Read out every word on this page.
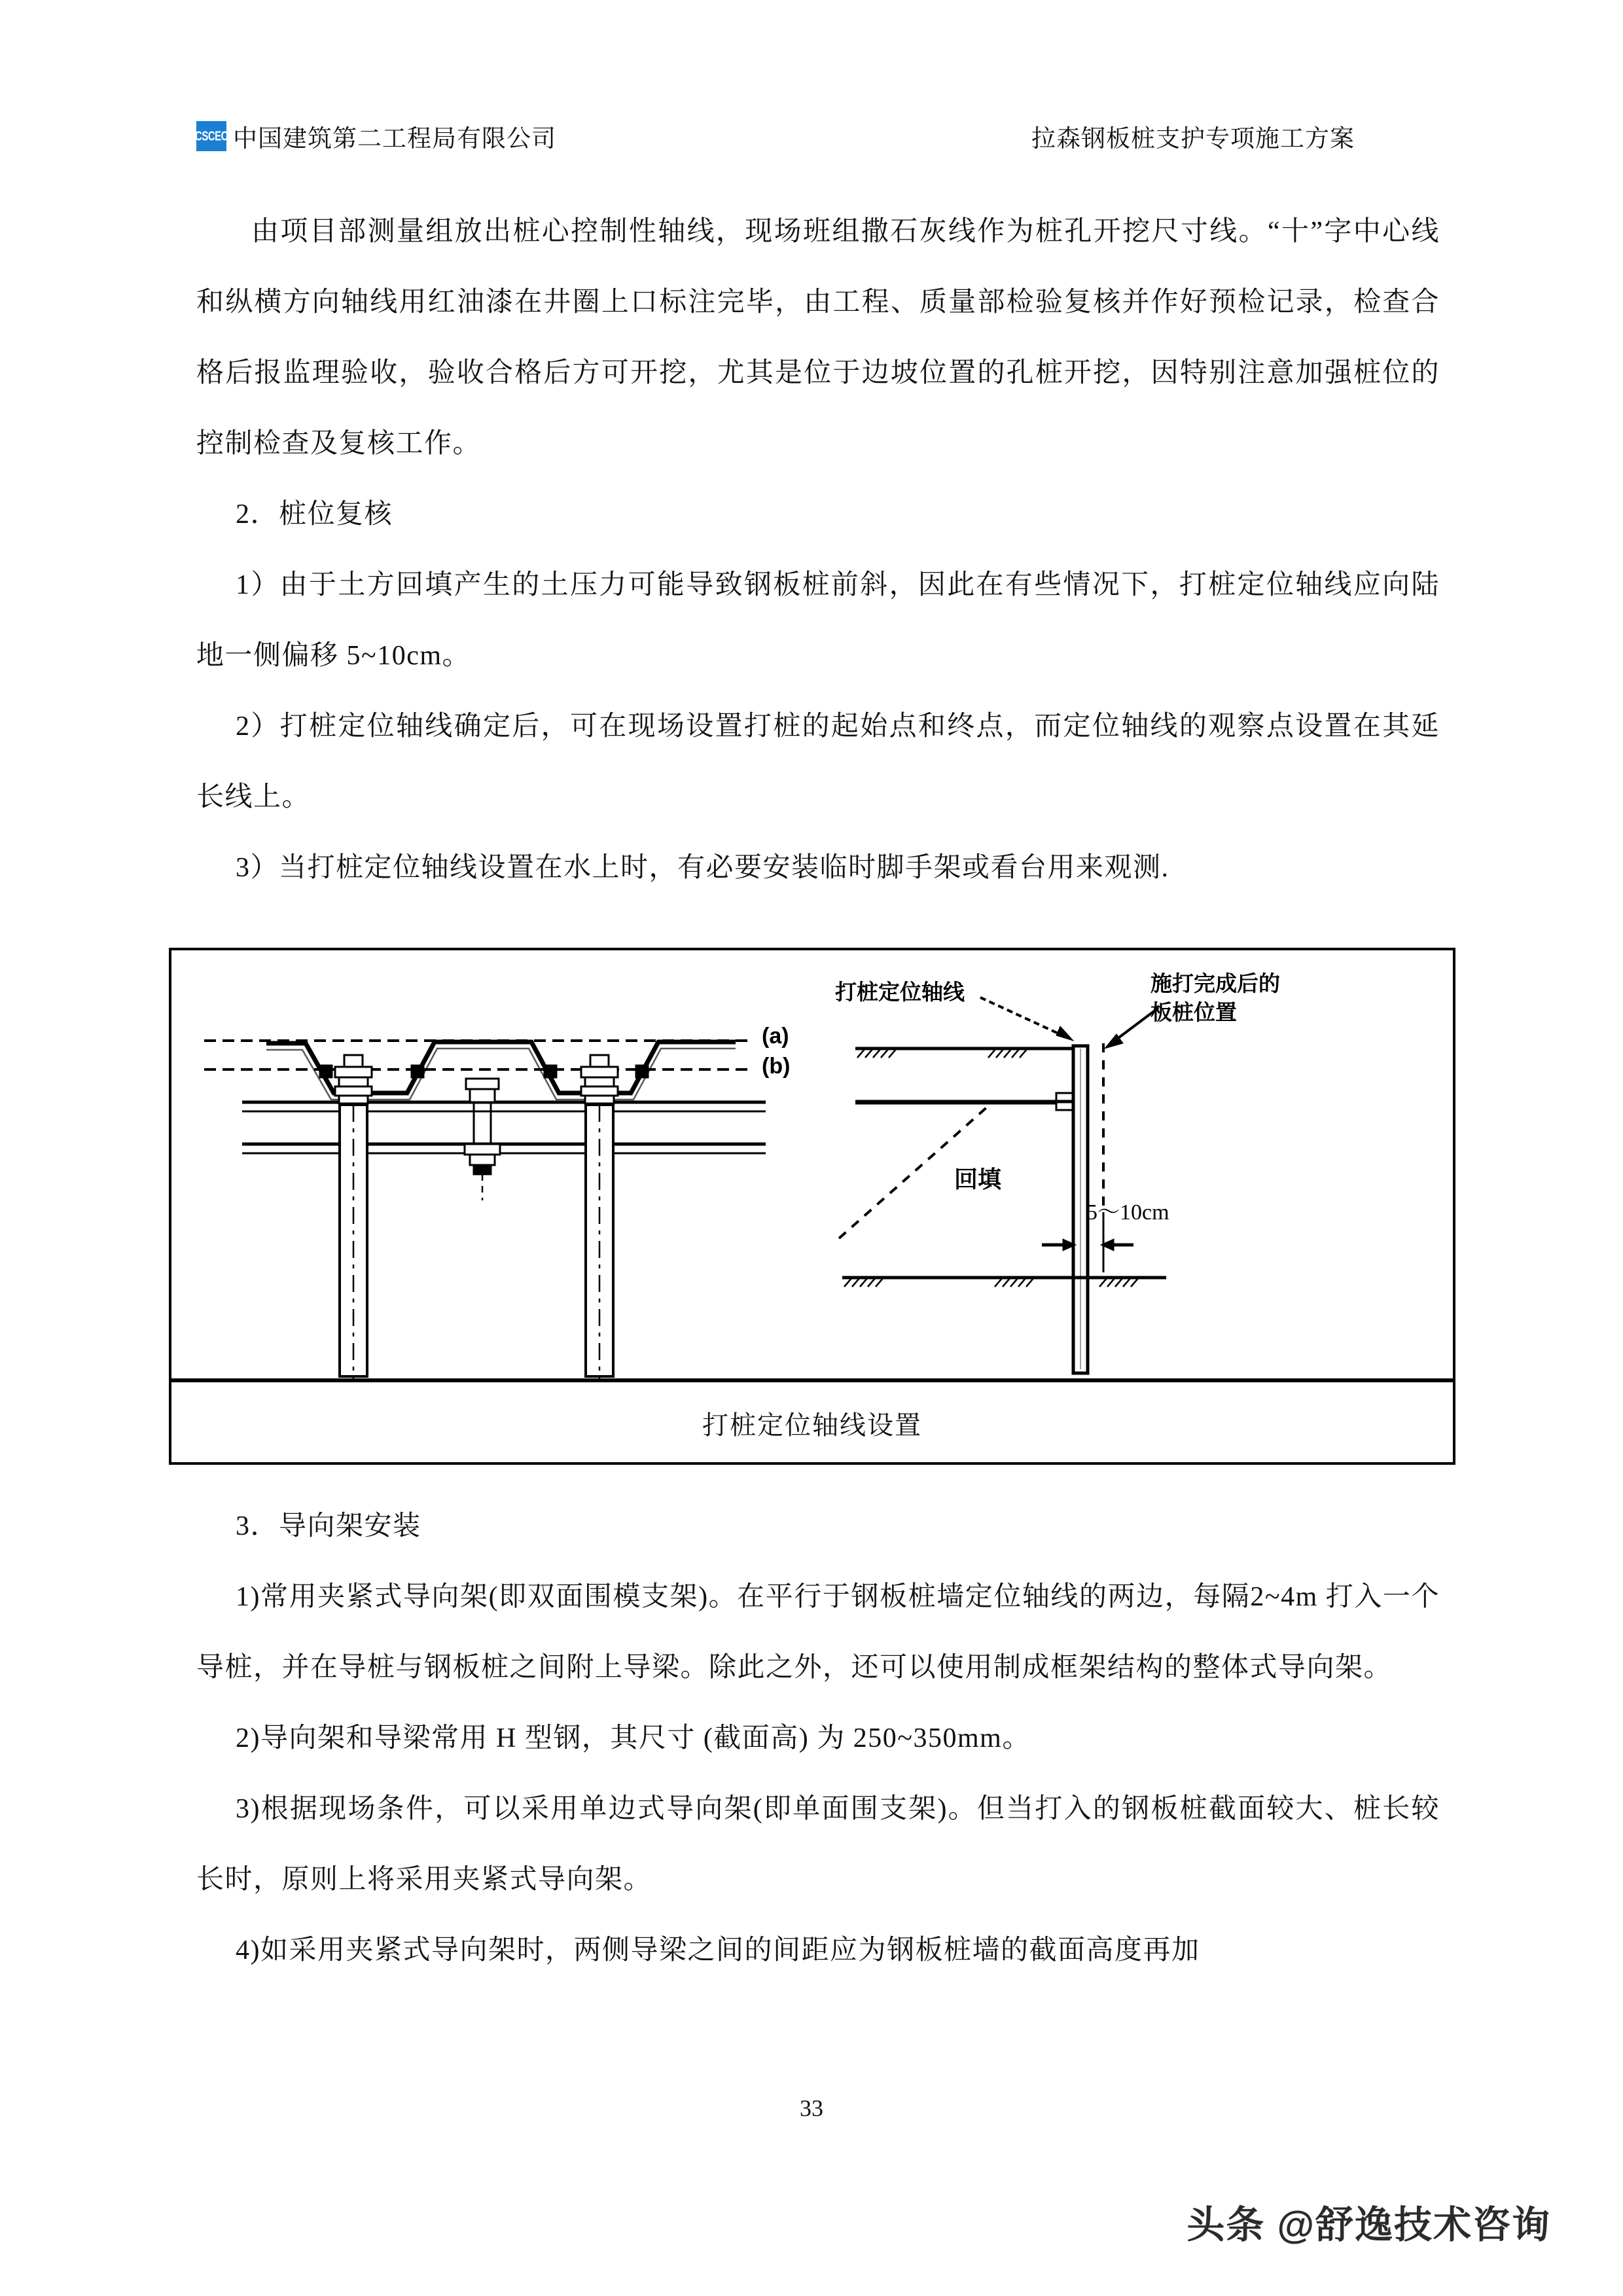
CSCEC 中国建筑第二工程局有限公司	拉森钢板桩支护专项施工方案

由项目部测量组放出桩心控制性轴线，现场班组撒石灰线作为桩孔开挖尺寸线。“十”字中心线和纵横方向轴线用红油漆在井圈上口标注完毕，由工程、质量部检验复核并作好预检记录，检查合格后报监理验收，验收合格后方可开挖，尤其是位于边坡位置的孔桩开挖，因特别注意加强桩位的控制检查及复核工作。

2．桩位复核

1）由于土方回填产生的土压力可能导致钢板桩前斜，因此在有些情况下，打桩定位轴线应向陆地一侧偏移 5~10cm。

2）打桩定位轴线确定后，可在现场设置打桩的起始点和终点，而定位轴线的观察点设置在其延长线上。

3）当打桩定位轴线设置在水上时，有必要安装临时脚手架或看台用来观测.

(a)
(b)
打桩定位轴线	施打完成后的
板桩位置
回填
5～10cm
打桩定位轴线设置

3．导向架安装

1)常用夹紧式导向架(即双面围模支架)。在平行于钢板桩墙定位轴线的两边，每隔2~4m 打入一个导桩，并在导桩与钢板桩之间附上导梁。除此之外，还可以使用制成框架结构的整体式导向架。

2)导向架和导梁常用 H 型钢，其尺寸 (截面高) 为 250~350mm。

3)根据现场条件，可以采用单边式导向架(即单面围支架)。但当打入的钢板桩截面较大、桩长较长时，原则上将采用夹紧式导向架。

4)如采用夹紧式导向架时，两侧导梁之间的间距应为钢板桩墙的截面高度再加

33
头条 @舒逸技术咨询
